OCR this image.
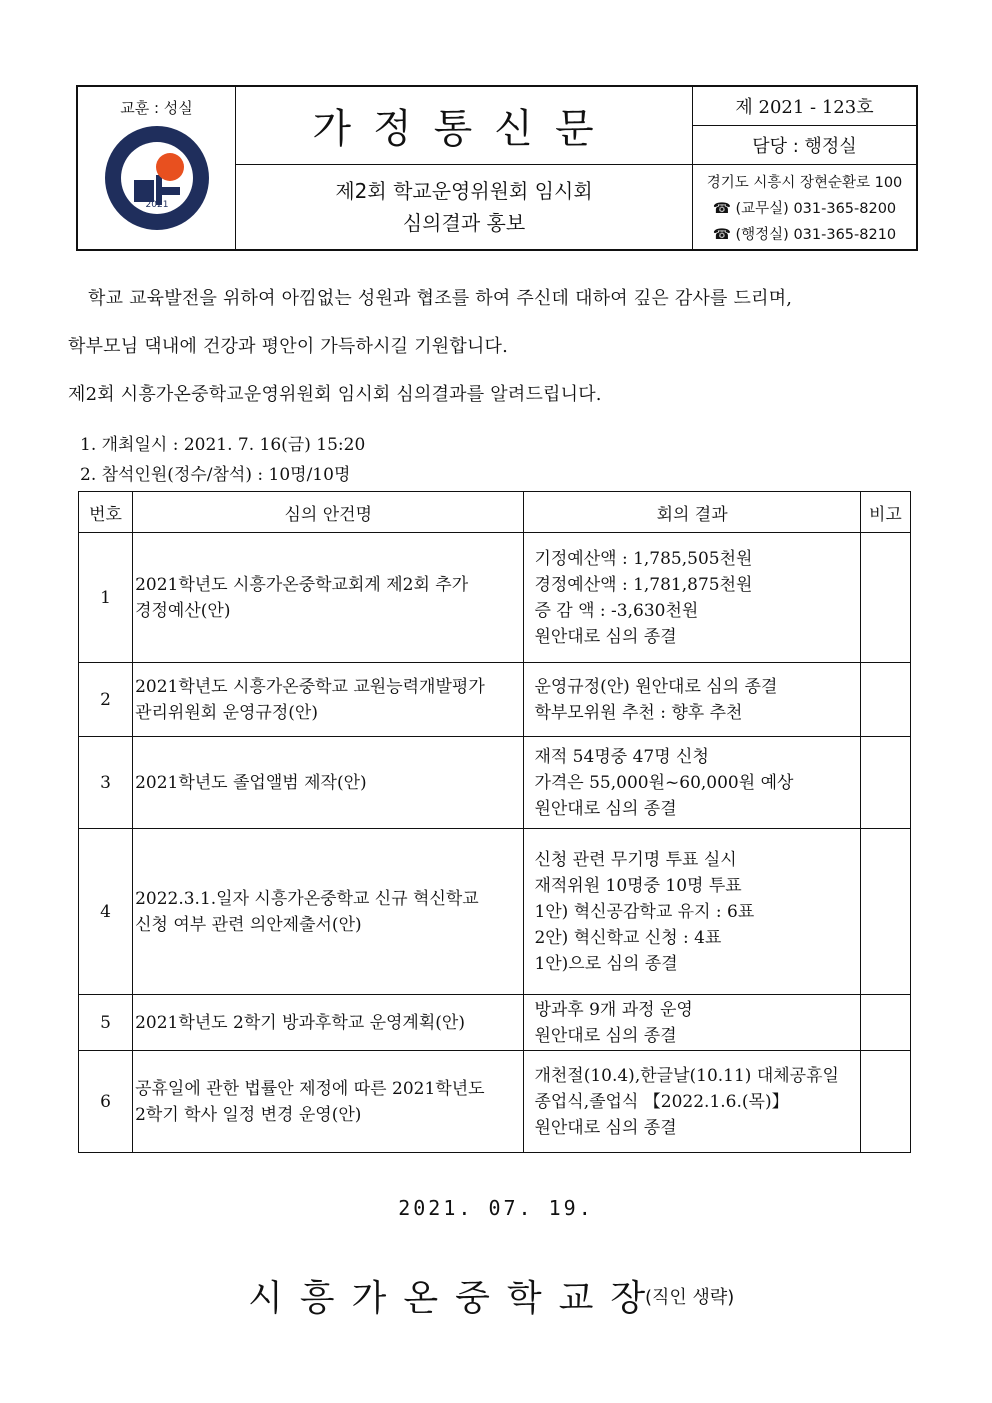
교훈 : 성실
2021
가정통신문
제2회 학교운영위원회 임시회
심의결과 홍보
제 2021 - 123호
담당 : 행정실
경기도 시흥시 장현순환로 100
☎ (교무실) 031-365-8200
☎ (행정실) 031-365-8210
학교 교육발전을 위하여 아낌없는 성원과 협조를 하여 주신데 대하여 깊은 감사를 드리며,
학부모님 댁내에 건강과 평안이 가득하시길 기원합니다.
제2회 시흥가온중학교운영위원회 임시회 심의결과를 알려드립니다.
1. 개최일시 : 2021. 7. 16(금) 15:20
2. 참석인원(정수/참석) : 10명/10명
번호	심의 안건명	회의 결과	비고
1	2021학년도 시흥가온중학교회계 제2회 추가
경정예산(안)	기정예산액 : 1,785,505천원
경정예산액 : 1,781,875천원
증 감 액 : -3,630천원
원안대로 심의 종결	

2	2021학년도 시흥가온중학교 교원능력개발평가
관리위원회 운영규정(안)	운영규정(안) 원안대로 심의 종결
학부모위원 추천 : 향후 추천	

3	2021학년도 졸업앨범 제작(안)	재적 54명중 47명 신청
가격은 55,000원~60,000원 예상
원안대로 심의 종결	

4	2022.3.1.일자 시흥가온중학교 신규 혁신학교
신청 여부 관련 의안제출서(안)	신청 관련 무기명 투표 실시
재적위원 10명중 10명 투표
1안) 혁신공감학교 유지 : 6표
2안) 혁신학교 신청 : 4표
1안)으로 심의 종결	

5	2021학년도 2학기 방과후학교 운영계획(안)	방과후 9개 과정 운영
원안대로 심의 종결	

6	공휴일에 관한 법률안 제정에 따른 2021학년도
2학기 학사 일정 변경 운영(안)	개천절(10.4),한글날(10.11) 대체공휴일
종업식,졸업식 【2022.1.6.(목)】
원안대로 심의 종결	

2021. 07. 19.
시흥가온중학교장
(직인 생략)
